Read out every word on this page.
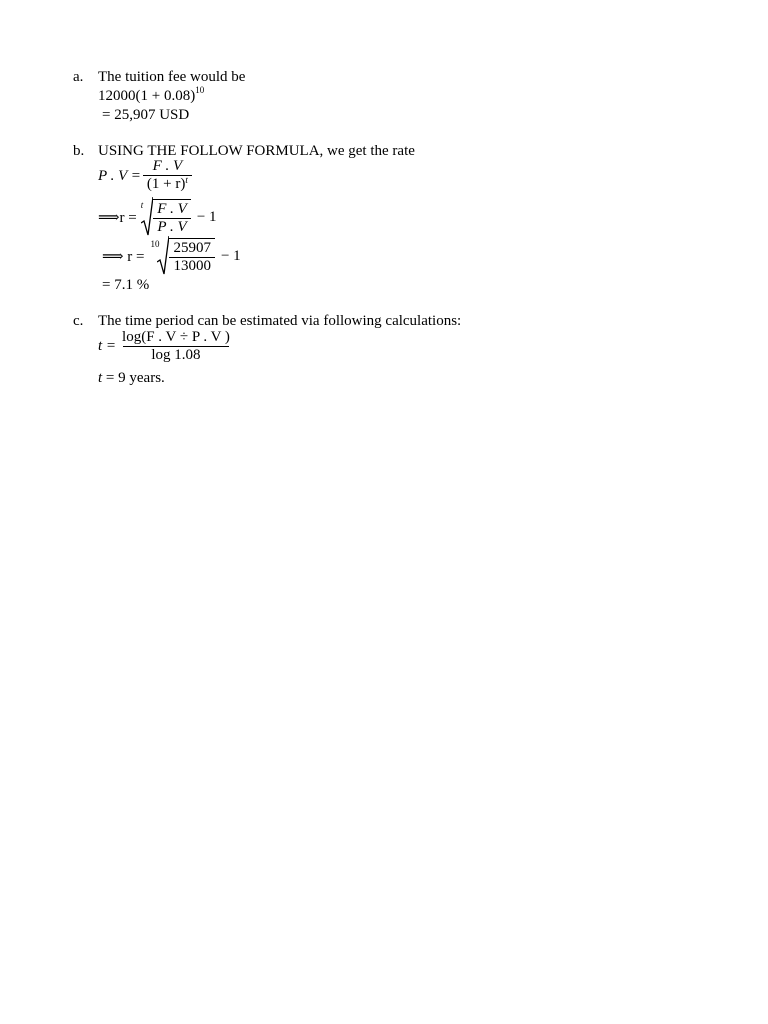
a. The tuition fee would be
$12000(1 + 0.08)^{10}$
= 25,907 USD
b. USING THE FOLLOW FORMULA, we get the rate
P . $V = \frac{F . V}{(1 + r)^t}$
⟹r =
t $\frac{F . V}{P . V} - 1$
⟹ r =
$10 \frac{25907}{13000} - 1$
= 7.1 %
c. The time period can be estimated via following calculations:
$t = \frac{\log(F . V \div P . V )}{\log 1.08}$
t = 9 years.
